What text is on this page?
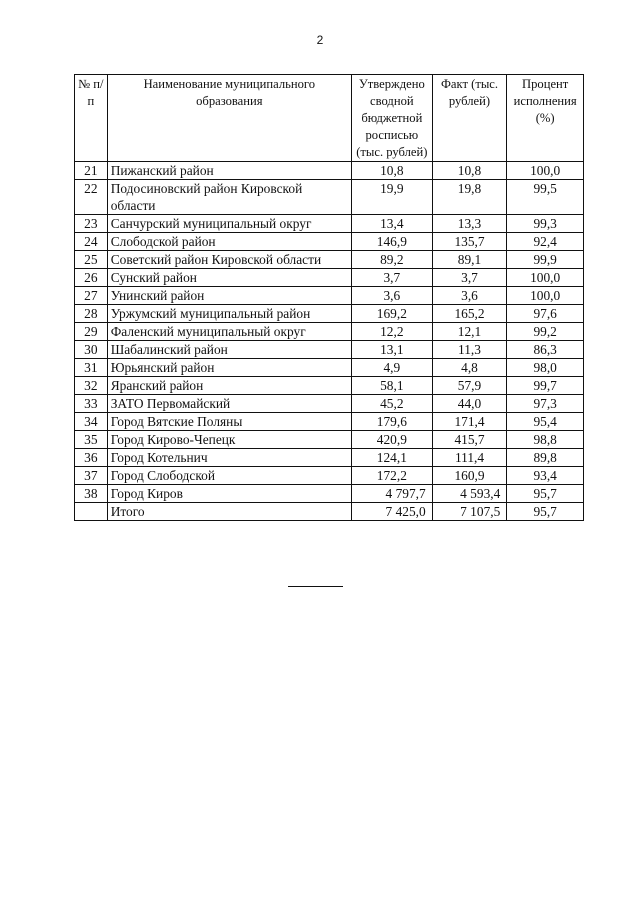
2
№ п/п	Наименование муниципального образования	Утверждено сводной бюджетной росписью (тыс. рублей)	Факт (тыс. рублей)	Процент исполнения (%)
21	Пижанский район	10,8	10,8	100,0
22	Подосиновский район Кировской области	19,9	19,8	99,5
23	Санчурский муниципальный округ	13,4	13,3	99,3
24	Слободской район	146,9	135,7	92,4
25	Советский район Кировской области	89,2	89,1	99,9
26	Сунский район	3,7	3,7	100,0
27	Унинский район	3,6	3,6	100,0
28	Уржумский муниципальный район	169,2	165,2	97,6
29	Фаленский муниципальный округ	12,2	12,1	99,2
30	Шабалинский район	13,1	11,3	86,3
31	Юрьянский район	4,9	4,8	98,0
32	Яранский район	58,1	57,9	99,7
33	ЗАТО Первомайский	45,2	44,0	97,3
34	Город Вятские Поляны	179,6	171,4	95,4
35	Город Кирово-Чепецк	420,9	415,7	98,8
36	Город Котельнич	124,1	111,4	89,8
37	Город Слободской	172,2	160,9	93,4
38	Город Киров	4 797,7	4 593,4	95,7
	Итого	7 425,0	7 107,5	95,7
